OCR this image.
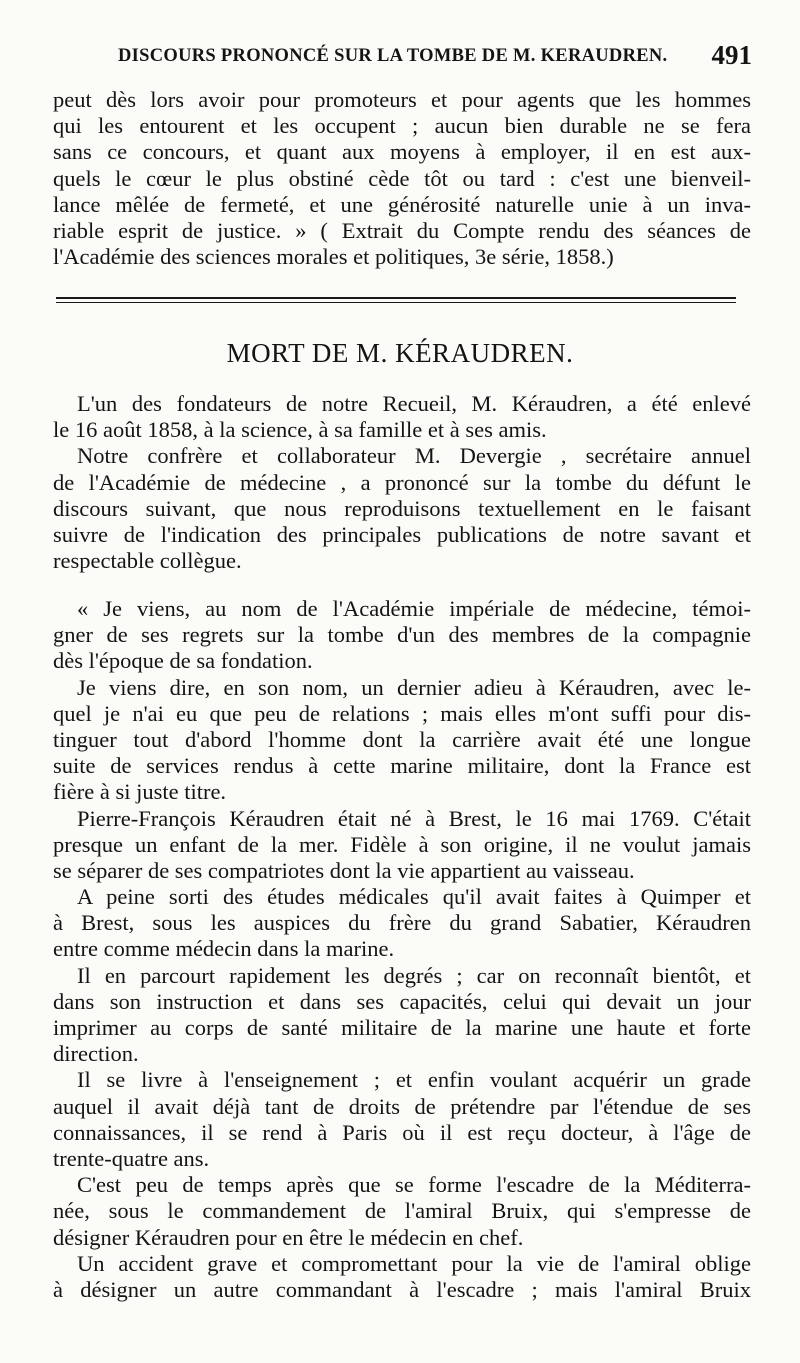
DISCOURS PRONONCÉ SUR LA TOMBE DE M. KERAUDREN. 491
peut dès lors avoir pour promoteurs et pour agents que les hommes
qui les entourent et les occupent ; aucun bien durable ne se fera
sans ce concours, et quant aux moyens à employer, il en est aux-
quels le cœur le plus obstiné cède tôt ou tard : c'est une bienveil-
lance mêlée de fermeté, et une générosité naturelle unie à un inva-
riable esprit de justice. » ( Extrait du Compte rendu des séances de
l'Académie des sciences morales et politiques, 3e série, 1858.)
MORT DE M. KÉRAUDREN.
L'un des fondateurs de notre Recueil, M. Kéraudren, a été enlevé
le 16 août 1858, à la science, à sa famille et à ses amis.
Notre confrère et collaborateur M. Devergie , secrétaire annuel
de l'Académie de médecine , a prononcé sur la tombe du défunt le
discours suivant, que nous reproduisons textuellement en le faisant
suivre de l'indication des principales publications de notre savant et
respectable collègue.
« Je viens, au nom de l'Académie impériale de médecine, témoi-
gner de ses regrets sur la tombe d'un des membres de la compagnie
dès l'époque de sa fondation.
Je viens dire, en son nom, un dernier adieu à Kéraudren, avec le-
quel je n'ai eu que peu de relations ; mais elles m'ont suffi pour dis-
tinguer tout d'abord l'homme dont la carrière avait été une longue
suite de services rendus à cette marine militaire, dont la France est
fière à si juste titre.
Pierre-François Kéraudren était né à Brest, le 16 mai 1769. C'était
presque un enfant de la mer. Fidèle à son origine, il ne voulut jamais
se séparer de ses compatriotes dont la vie appartient au vaisseau.
A peine sorti des études médicales qu'il avait faites à Quimper et
à Brest, sous les auspices du frère du grand Sabatier, Kéraudren
entre comme médecin dans la marine.
Il en parcourt rapidement les degrés ; car on reconnaît bientôt, et
dans son instruction et dans ses capacités, celui qui devait un jour
imprimer au corps de santé militaire de la marine une haute et forte
direction.
Il se livre à l'enseignement ; et enfin voulant acquérir un grade
auquel il avait déjà tant de droits de prétendre par l'étendue de ses
connaissances, il se rend à Paris où il est reçu docteur, à l'âge de
trente-quatre ans.
C'est peu de temps après que se forme l'escadre de la Méditerra-
née, sous le commandement de l'amiral Bruix, qui s'empresse de
désigner Kéraudren pour en être le médecin en chef.
Un accident grave et compromettant pour la vie de l'amiral oblige
à désigner un autre commandant à l'escadre ; mais l'amiral Bruix
